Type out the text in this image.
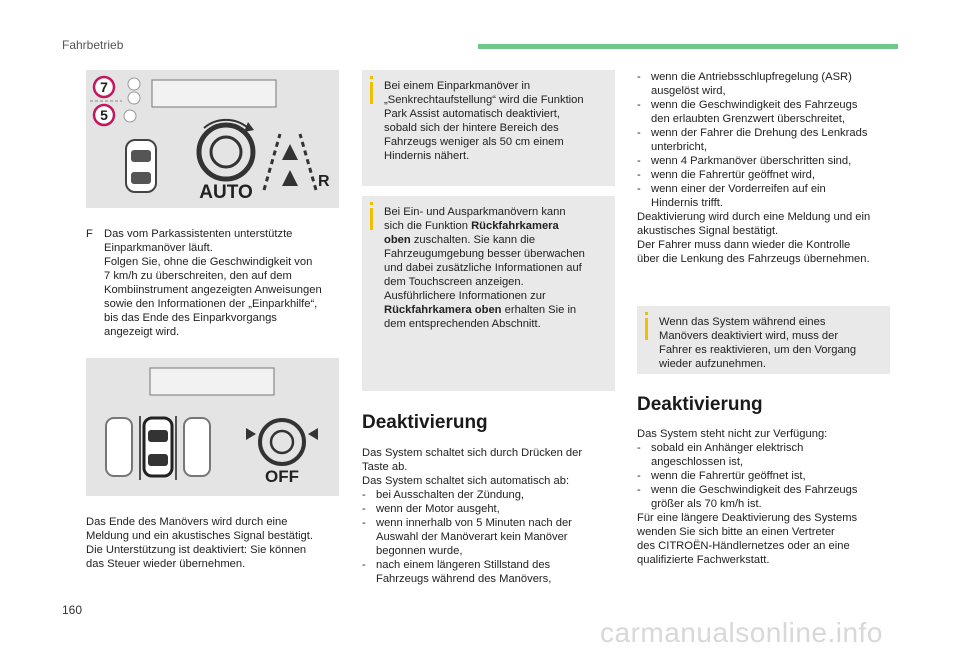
Fahrbetrieb
7
5
AUTO
R
F Das vom Parkassistenten unterstützte

Einparkmanöver läuft.

Folgen Sie, ohne die Geschwindigkeit von

7 km/h zu überschreiten, den auf dem

Kombiinstrument angezeigten Anweisungen

sowie den Informationen der „Einparkhilfe“,

bis das Ende des Einparkvorgangs

angezeigt wird.

OFF

Das Ende des Manövers wird durch eine

Meldung und ein akustisches Signal bestätigt.

Die Unterstützung ist deaktiviert: Sie können

das Steuer wieder übernehmen.

Bei einem Einparkmanöver in

„Senkrechtaufstellung“ wird die Funktion

Park Assist automatisch deaktiviert,

sobald sich der hintere Bereich des

Fahrzeugs weniger als 50 cm einem

Hindernis nähert.

Bei Ein- und Ausparkmanövern kann

sich die Funktion Rückfahrkamera

oben zuschalten. Sie kann die

Fahrzeugumgebung besser überwachen

und dabei zusätzliche Informationen auf

dem Touchscreen anzeigen.

Ausführlichere Informationen zur

Rückfahrkamera oben erhalten Sie in

dem entsprechenden Abschnitt.

Deaktivierung

Das System schaltet sich durch Drücken der

Taste ab.

Das System schaltet sich automatisch ab:

- bei Ausschalten der Zündung,
- wenn der Motor ausgeht,
- wenn innerhalb von 5 Minuten nach der

Auswahl der Manöverart kein Manöver

begonnen wurde,

- nach einem längeren Stillstand des

Fahrzeugs während des Manövers,

- wenn die Antriebsschlupfregelung (ASR)

ausgelöst wird,

- wenn die Geschwindigkeit des Fahrzeugs

den erlaubten Grenzwert überschreitet,

- wenn der Fahrer die Drehung des Lenkrads

unterbricht,

- wenn 4 Parkmanöver überschritten sind,
- wenn die Fahrertür geöffnet wird,
- wenn einer der Vorderreifen auf ein

Hindernis trifft.

Deaktivierung wird durch eine Meldung und ein

akustisches Signal bestätigt.

Der Fahrer muss dann wieder die Kontrolle

über die Lenkung des Fahrzeugs übernehmen.

Wenn das System während eines

Manövers deaktiviert wird, muss der

Fahrer es reaktivieren, um den Vorgang

wieder aufzunehmen.

Deaktivierung

Das System steht nicht zur Verfügung:

- sobald ein Anhänger elektrisch

angeschlossen ist,

- wenn die Fahrertür geöffnet ist,
- wenn die Geschwindigkeit des Fahrzeugs

größer als 70 km/h ist.

Für eine längere Deaktivierung des Systems

wenden Sie sich bitte an einen Vertreter

des CITROËN-Händlernetzes oder an eine

qualifizierte Fachwerkstatt.

160
carmanualsonline.info
